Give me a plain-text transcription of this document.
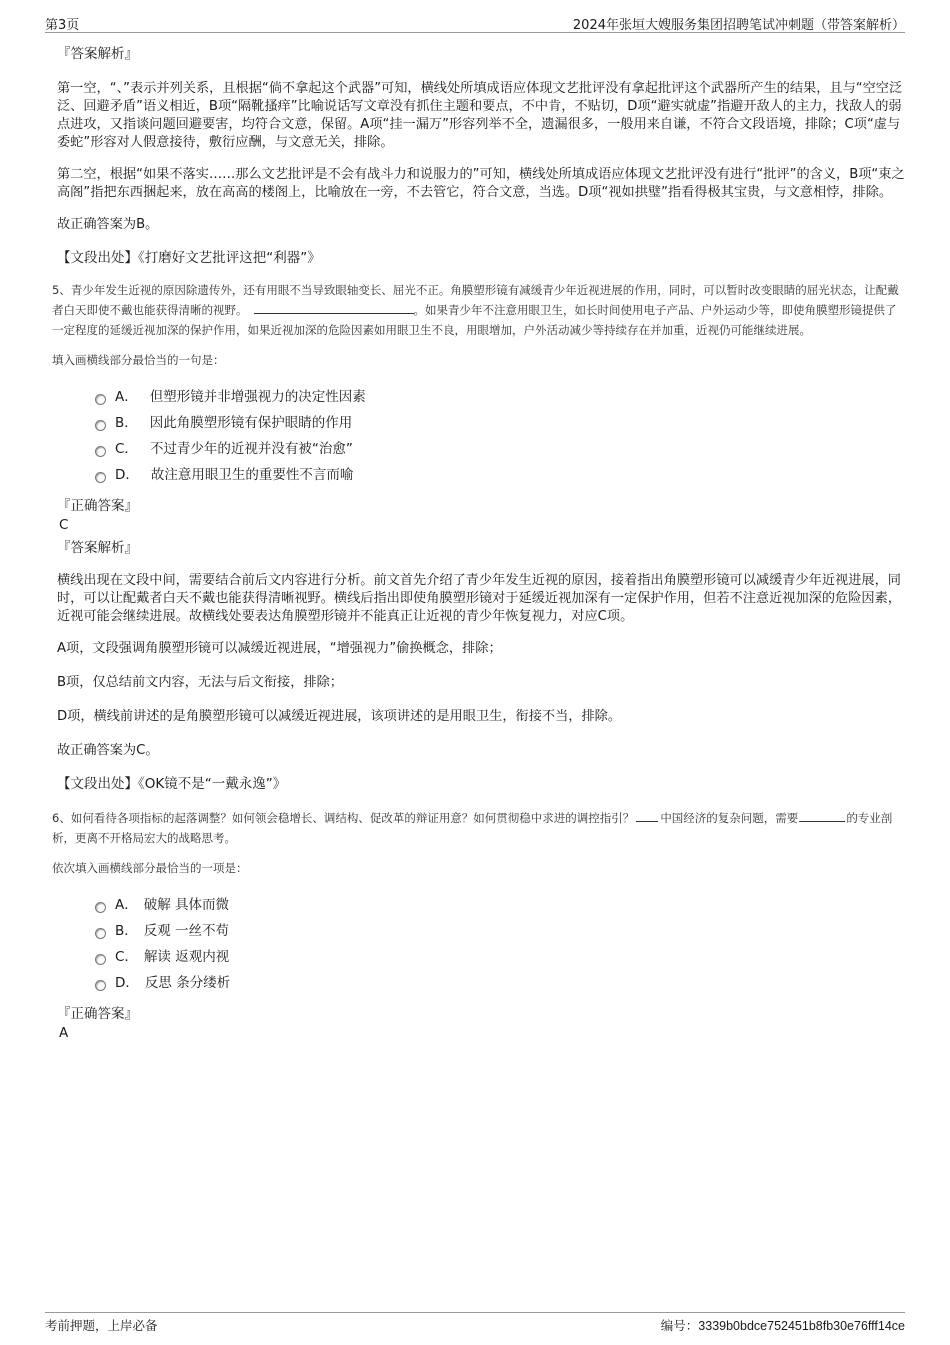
第3页	2024年张垣大嫂服务集团招聘笔试冲刺题（带答案解析）
『答案解析』

第一空，“、”表示并列关系，且根据“倘不拿起这个武器”可知，横线处所填成语应体现文艺批评没有拿起批评这个武器所产生的结果，且与“空空泛泛、回避矛盾”语义相近，B项“隔靴搔痒”比喻说话写文章没有抓住主题和要点，不中肯，不贴切，D项“避实就虚”指避开敌人的主力，找敌人的弱点进攻，又指谈问题回避要害，均符合文意，保留。A项“挂一漏万”形容列举不全，遗漏很多，一般用来自谦，不符合文段语境，排除；C项“虚与委蛇”形容对人假意接待，敷衍应酬，与文意无关，排除。

第二空，根据“如果不落实……那么文艺批评是不会有战斗力和说服力的”可知，横线处所填成语应体现文艺批评没有进行“批评”的含义，B项“束之高阁”指把东西捆起来，放在高高的楼阁上，比喻放在一旁，不去管它，符合文意，当选。D项“视如拱璧”指看得极其宝贵，与文意相悖，排除。

故正确答案为B。

【文段出处】《打磨好文艺批评这把“利器”》

5、青少年发生近视的原因除遗传外，还有用眼不当导致眼轴变长、屈光不正。角膜塑形镜有减缓青少年近视进展的作用，同时，可以暂时改变眼睛的屈光状态，让配戴者白天即使不戴也能获得清晰的视野。	。如果青少年不注意用眼卫生，如长时间使用电子产品、户外运动少等，即使角膜塑形镜提供了一定程度的延缓近视加深的保护作用，如果近视加深的危险因素如用眼卫生不良，用眼增加，户外活动减少等持续存在并加重，近视仍可能继续进展。

填入画横线部分最恰当的一句是：

A． 但塑形镜并非增强视力的决定性因素
B． 因此角膜塑形镜有保护眼睛的作用
C． 不过青少年的近视并没有被“治愈”
D． 故注意用眼卫生的重要性不言而喻
『正确答案』
C
『答案解析』

横线出现在文段中间，需要结合前后文内容进行分析。前文首先介绍了青少年发生近视的原因，接着指出角膜塑形镜可以减缓青少年近视进展，同时，可以让配戴者白天不戴也能获得清晰视野。横线后指出即使角膜塑形镜对于延缓近视加深有一定保护作用，但若不注意近视加深的危险因素，近视可能会继续进展。故横线处要表达角膜塑形镜并不能真正让近视的青少年恢复视力，对应C项。

A项，文段强调角膜塑形镜可以减缓近视进展，“增强视力”偷换概念，排除；

B项，仅总结前文内容，无法与后文衔接，排除；

D项，横线前讲述的是角膜塑形镜可以减缓近视进展，该项讲述的是用眼卫生，衔接不当，排除。

故正确答案为C。

【文段出处】《OK镜不是“一戴永逸”》

6、如何看待各项指标的起落调整？如何领会稳增长、调结构、促改革的辩证用意？如何贯彻稳中求进的调控指引？ 中国经济的复杂问题，需要	的专业剖析，更离不开格局宏大的战略思考。

依次填入画横线部分最恰当的一项是：

A． 破解 具体而微
B． 反观 一丝不苟
C． 解读 返观内视
D． 反思 条分缕析
『正确答案』
A
考前押题，上岸必备	编号：3339b0bdce752451b8fb30e76fff14ce
